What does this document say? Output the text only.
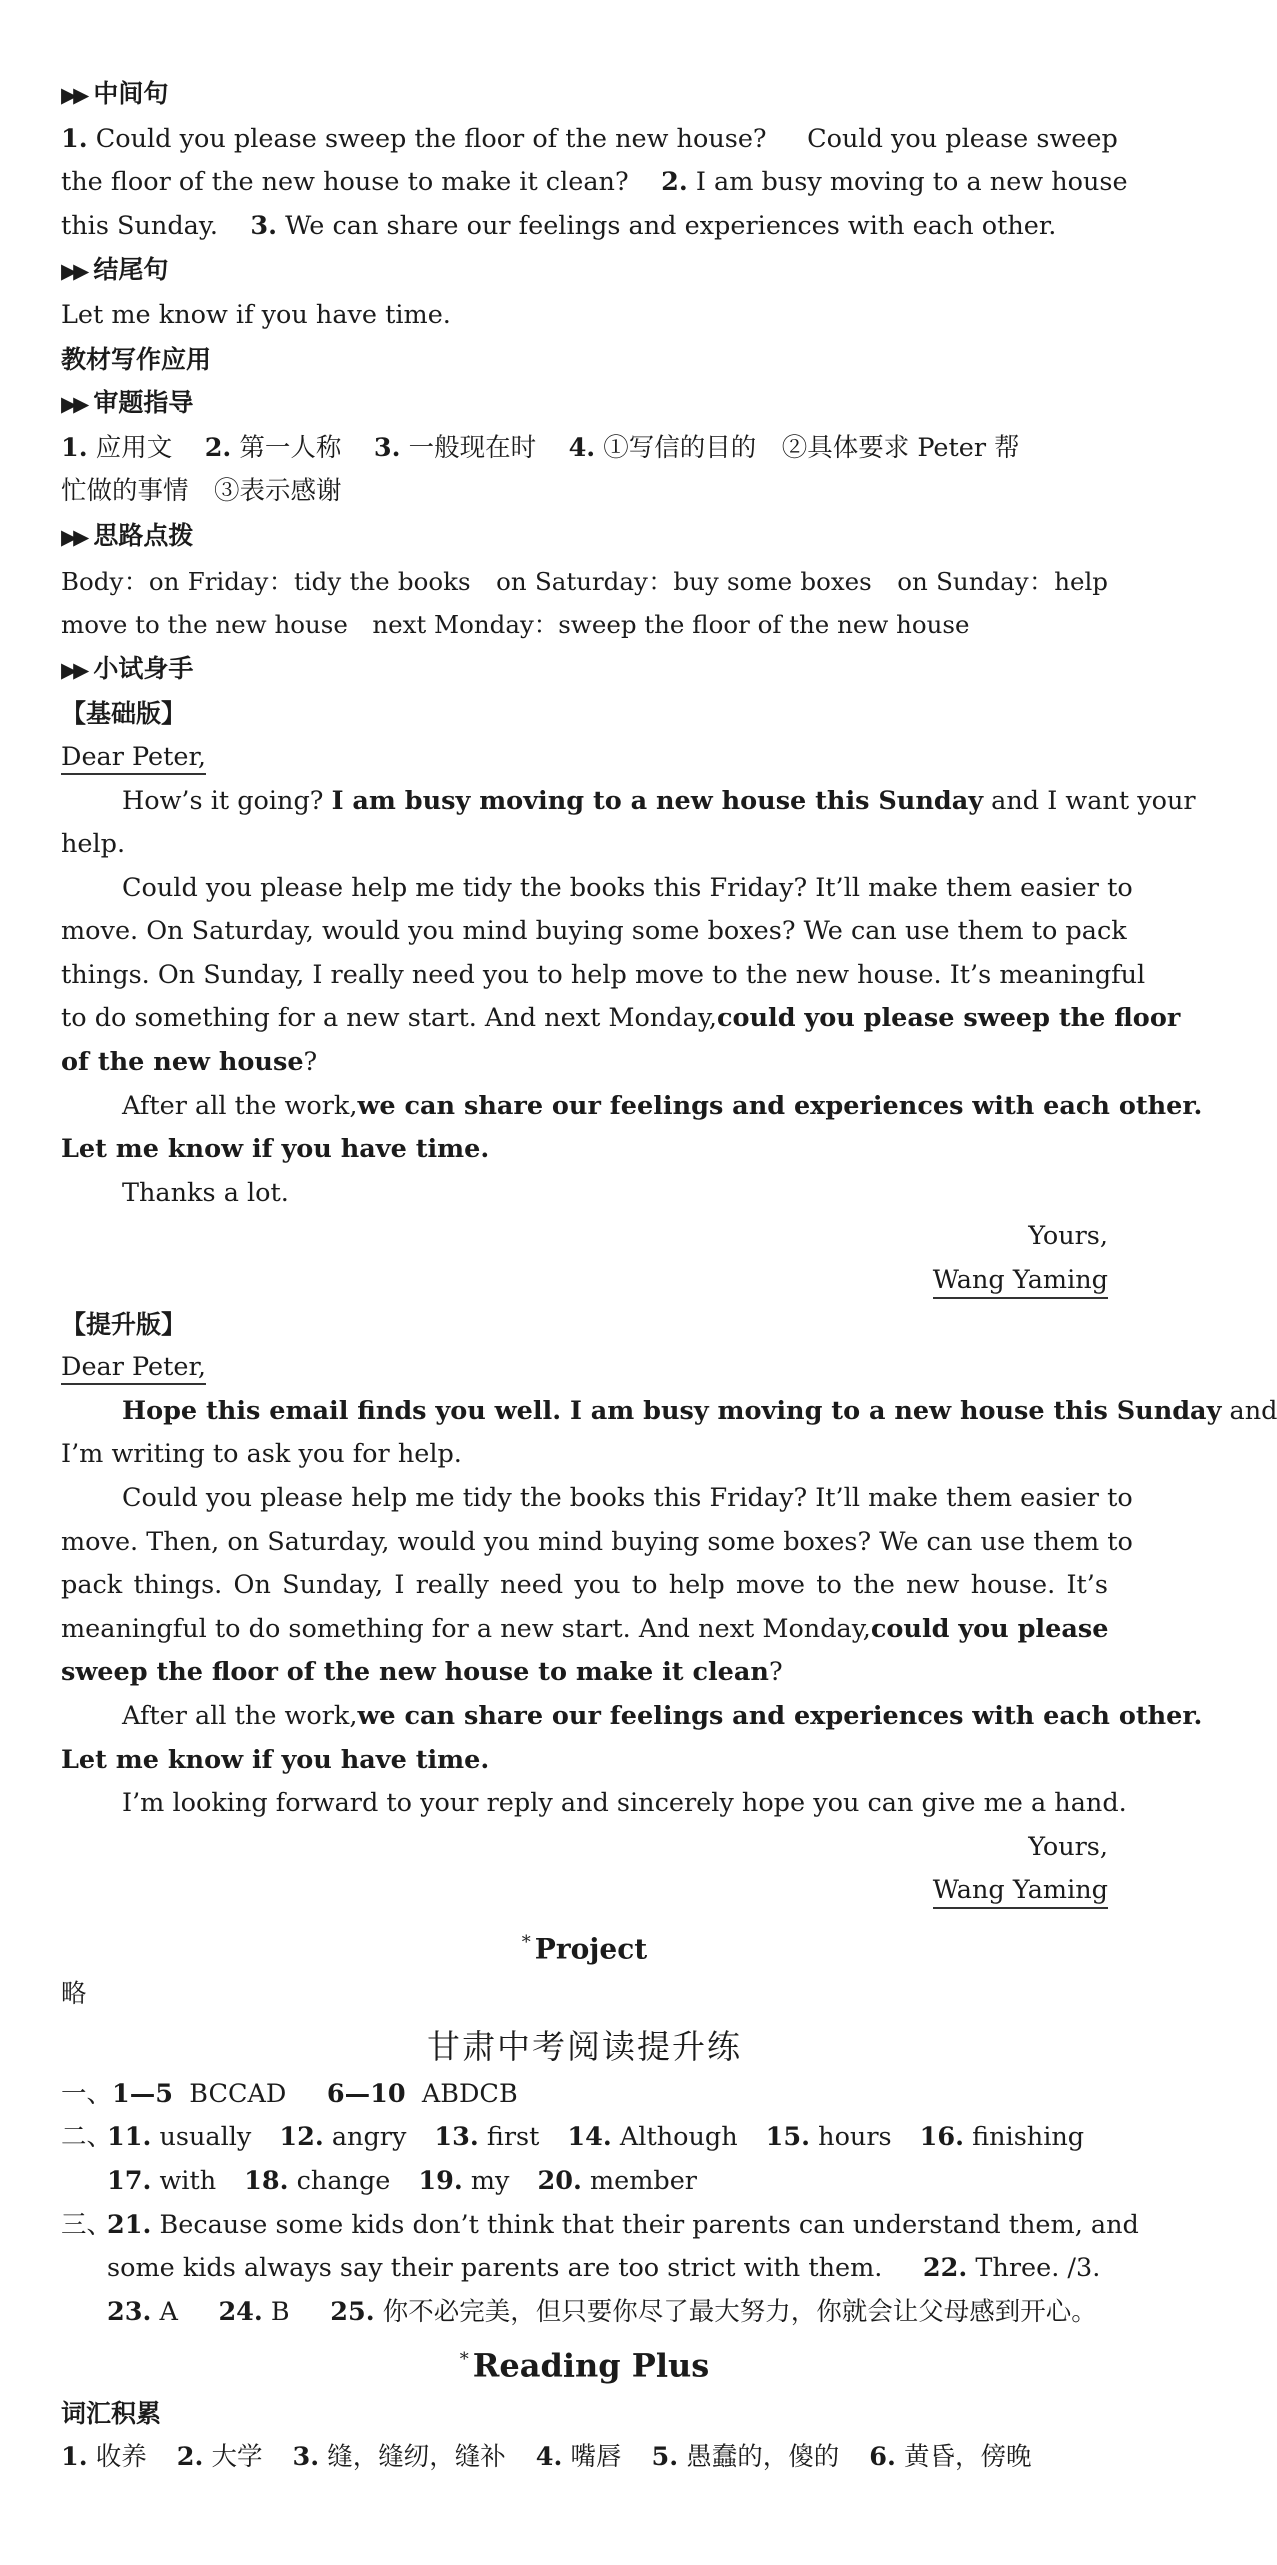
▶▶ 中间句
1. Could you please sweep the floor of the new house? Could you please sweep
the floor of the new house to make it clean? 2. I am busy moving to a new house
this Sunday. 3. We can share our feelings and experiences with each other.
▶▶ 结尾句
Let me know if you have time.
教材写作应用
▶▶ 审题指导
1. 应用文 2. 第一人称 3. 一般现在时 4. ①写信的目的　②具体要求 Peter 帮
忙做的事情　③表示感谢
▶▶ 思路点拨
Body：on Friday：tidy the books　on Saturday：buy some boxes　on Sunday：help
move to the new house　next Monday：sweep the floor of the new house
▶▶ 小试身手
【基础版】
Dear Peter,
How’s it going? I am busy moving to a new house this Sunday and I want your
help.
Could you please help me tidy the books this Friday? It’ll make them easier to
move. On Saturday, would you mind buying some boxes? We can use them to pack
things. On Sunday, I really need you to help move to the new house. It’s meaningful
to do something for a new start. And next Monday,could you please sweep the floor
of the new house?
After all the work,we can share our feelings and experiences with each other.
Let me know if you have time.
Thanks a lot.
Yours,
Wang Yaming
【提升版】
Dear Peter,
Hope this email finds you well. I am busy moving to a new house this Sunday and
I’m writing to ask you for help.
Could you please help me tidy the books this Friday? It’ll make them easier to
move. Then, on Saturday, would you mind buying some boxes? We can use them to
pack things. On Sunday, I really need you to help move to the new house. It’s
meaningful to do something for a new start. And next Monday,could you please
sweep the floor of the new house to make it clean?
After all the work,we can share our feelings and experiences with each other.
Let me know if you have time.
I’m looking forward to your reply and sincerely hope you can give me a hand.
Yours,
Wang Yaming
* Project
略
甘肃中考阅读提升练
一、1—5 BCCAD 6—10 ABDCB
二、
11. usually 12. angry 13. first 14. Although 15. hours 16. finishing
17. with 18. change 19. my 20. member
三、
21. Because some kids don’t think that their parents can understand them, and
some kids always say their parents are too strict with them. 22. Three. /3.
23. A 24. B 25. 你不必完美，但只要你尽了最大努力，你就会让父母感到开心。
* Reading Plus
词汇积累
1. 收养 2. 大学 3. 缝，缝纫，缝补 4. 嘴唇 5. 愚蠢的，傻的 6. 黄昏，傍晚
